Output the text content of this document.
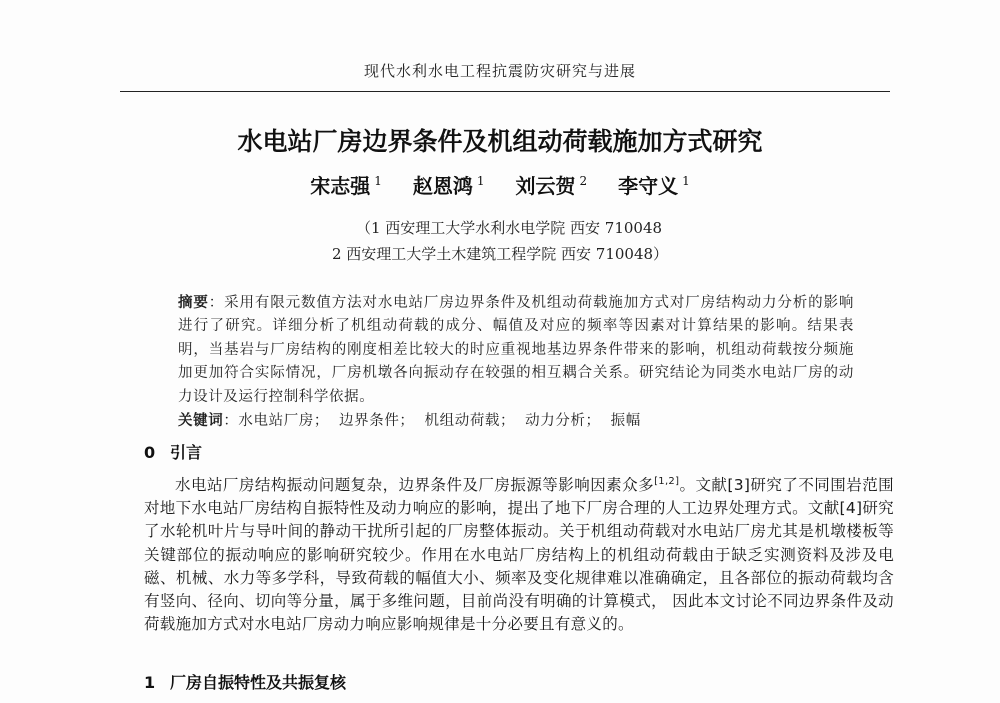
现代水利水电工程抗震防灾研究与进展
水电站厂房边界条件及机组动荷载施加方式研究
宋志强 $^1$ 赵恩鸿 $^1$ 刘云贺 $^2$ 李守义 $^1$
（1 西安理工大学水利水电学院 西安 710048
2 西安理工大学土木建筑工程学院 西安 710048）
摘要：采用有限元数值方法对水电站厂房边界条件及机组动荷载施加方式对厂房结构动力分析的影响进行了研究。详细分析了机组动荷载的成分、幅值及对应的频率等因素对计算结果的影响。结果表明，当基岩与厂房结构的刚度相差比较大的时应重视地基边界条件带来的影响，机组动荷载按分频施加更加符合实际情况，厂房机墩各向振动存在较强的相互耦合关系。研究结论为同类水电站厂房的动力设计及运行控制科学依据。
关键词：水电站厂房； 边界条件； 机组动荷载； 动力分析； 振幅
0 引言
水电站厂房结构振动问题复杂，边界条件及厂房振源等影响因素众多[1,2]。文献[3]研究了不同围岩范围对地下水电站厂房结构自振特性及动力响应的影响，提出了地下厂房合理的人工边界处理方式。文献[4]研究了水轮机叶片与导叶间的静动干扰所引起的厂房整体振动。关于机组动荷载对水电站厂房尤其是机墩楼板等关键部位的振动响应的影响研究较少。作用在水电站厂房结构上的机组动荷载由于缺乏实测资料及涉及电磁、机械、水力等多学科，导致荷载的幅值大小、频率及变化规律难以准确确定，且各部位的振动荷载均含有竖向、径向、切向等分量，属于多维问题，目前尚没有明确的计算模式， 因此本文讨论不同边界条件及动荷载施加方式对水电站厂房动力响应影响规律是十分必要且有意义的。
1 厂房自振特性及共振复核
